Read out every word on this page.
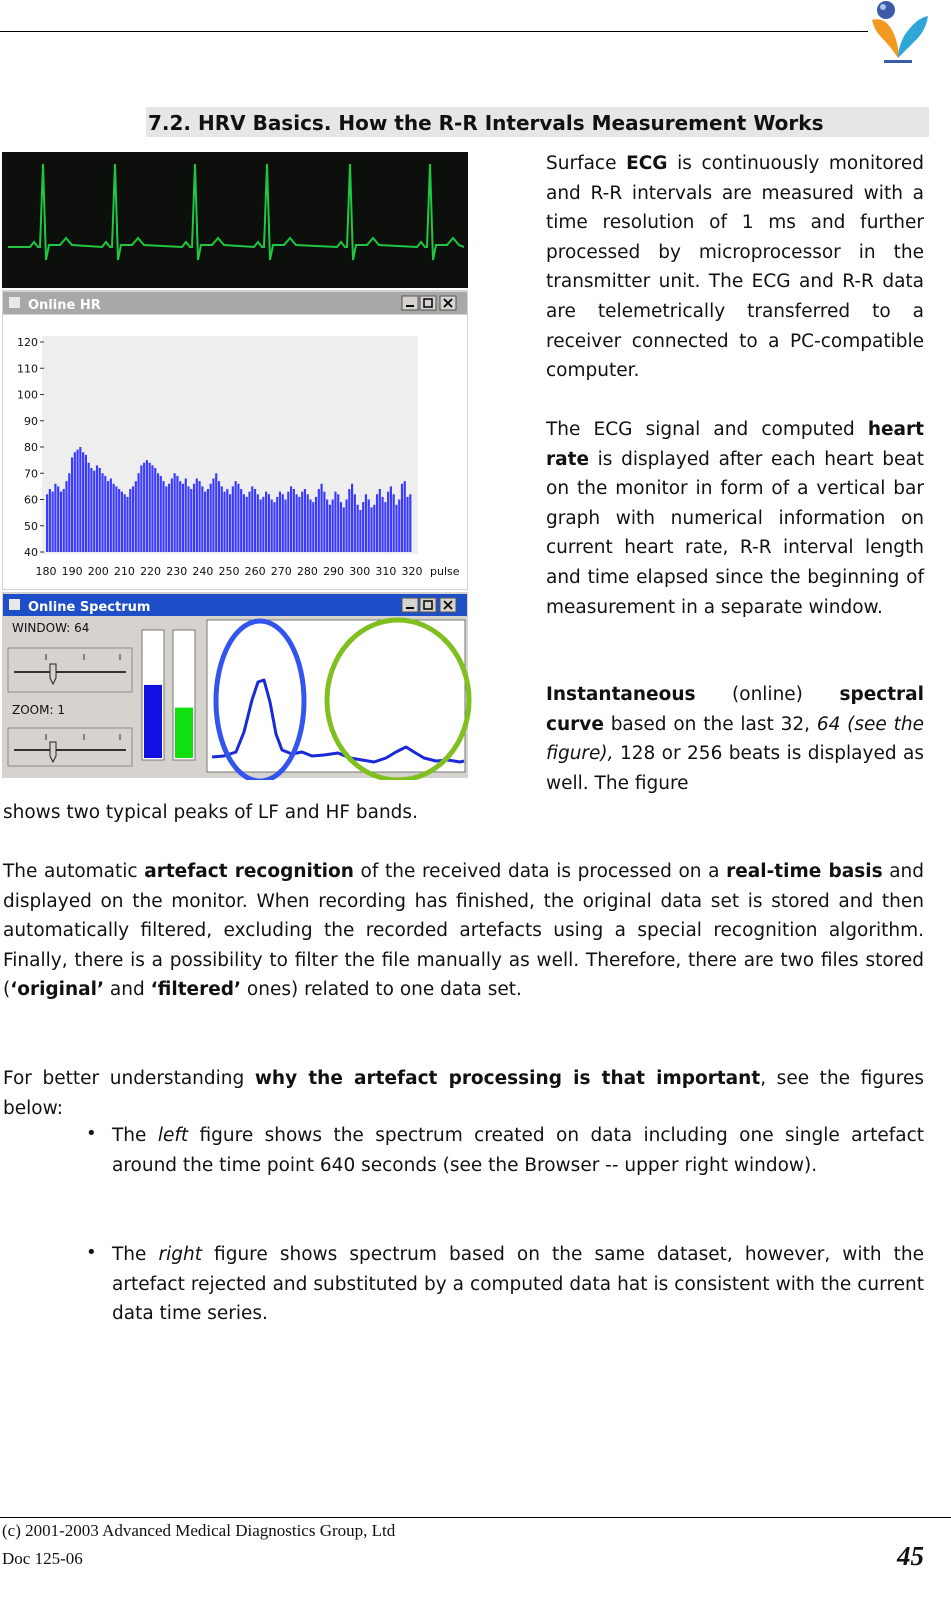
7.2. HRV Basics. How the R-R Intervals Measurement Works
Online HR
120
110
100
90
80
70
60
50
40
180 190 200 210 220 230 240 250 260 270 280 290 300 310 320 pulse
Online Spectrum
WINDOW: 64
ZOOM: 1

Surface ECG is continuously monitored and R-R intervals are measured with a time resolution of 1 ms and further processed by microprocessor in the transmitter unit. The ECG and R-R data are telemetrically transferred to a receiver connected to a PC-compatible computer.

The ECG signal and computed heart rate is displayed after each heart beat on the monitor in form of a vertical bar graph with numerical information on current heart rate, R-R interval length and time elapsed since the beginning of measurement in a separate window.

Instantaneous (online) spectral curve based on the last 32, 64 (see the figure), 128 or 256 beats is displayed as well. The figure

shows two typical peaks of LF and HF bands.

The automatic artefact recognition of the received data is processed on a real-time basis and displayed on the monitor. When recording has finished, the original data set is stored and then automatically filtered, excluding the recorded artefacts using a special recognition algorithm. Finally, there is a possibility to filter the file manually as well. Therefore, there are two files stored (‘original’ and ‘filtered’ ones) related to one data set.

For better understanding why the artefact processing is that important, see the figures below:

• The left figure shows the spectrum created on data including one single artefact around the time point 640 seconds (see the Browser -- upper right window).

• The right figure shows spectrum based on the same dataset, however, with the artefact rejected and substituted by a computed data hat is consistent with the current data time series.

(c) 2001-2003 Advanced Medical Diagnostics Group, Ltd
Doc 125-06	45
